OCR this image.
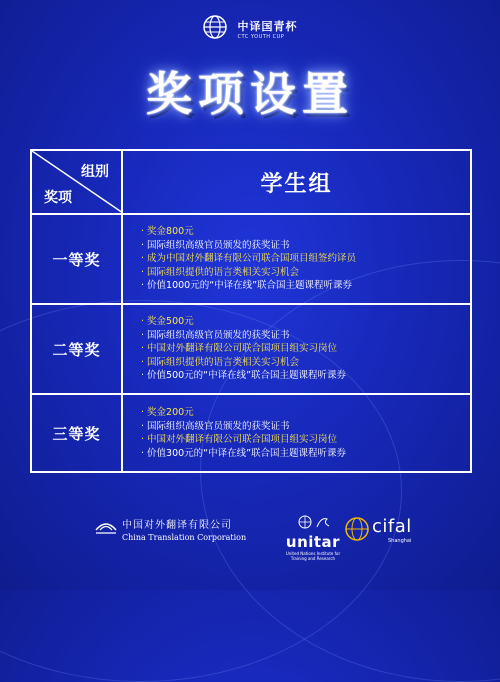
中译国青杯
CTC YOUTH CUP
奖项设置
组别
奖项	学生组
一等奖	· 奖金800元
· 国际组织高级官员颁发的获奖证书
· 成为中国对外翻译有限公司联合国项目组签约译员
· 国际组织提供的语言类相关实习机会
· 价值1000元的“中译在线”联合国主题课程听课券

二等奖	· 奖金500元
· 国际组织高级官员颁发的获奖证书
· 中国对外翻译有限公司联合国项目组实习岗位
· 国际组织提供的语言类相关实习机会
· 价值500元的“中译在线”联合国主题课程听课券

三等奖	· 奖金200元
· 国际组织高级官员颁发的获奖证书
· 中国对外翻译有限公司联合国项目组实习岗位
· 价值300元的“中译在线”联合国主题课程听课券
中国对外翻译有限公司
China Translation Corporation	unitar
United Nations Institute for Training and Research
cifal
Shanghai
